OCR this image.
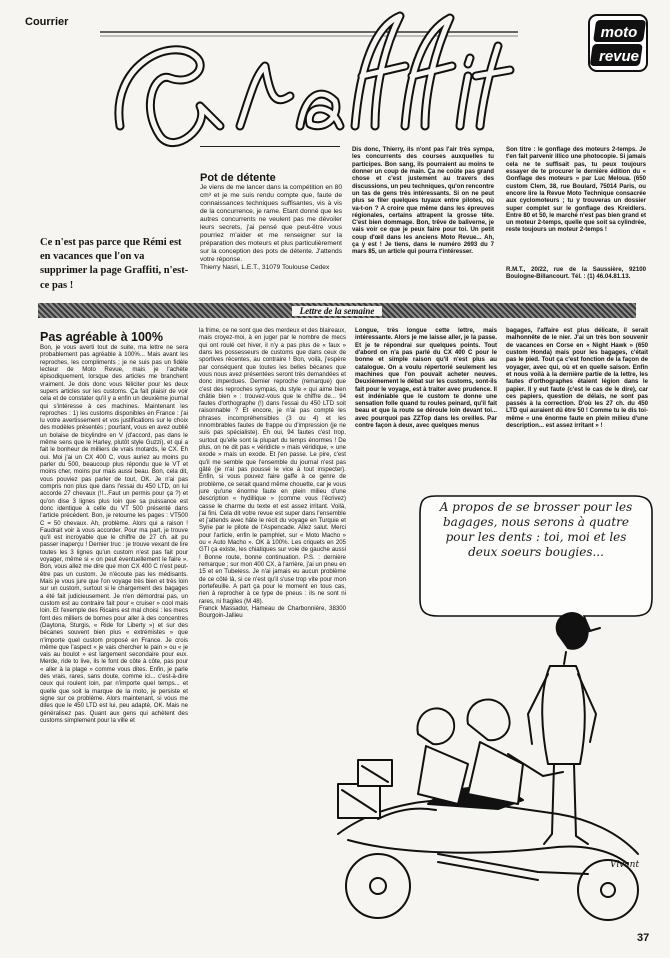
Courrier
moto
revue
Ce n'est pas parce que Rémi est en vacances que l'on va supprimer la page Graffiti, n'est-ce pas !
Pot de détente
Je viens de me lancer dans la compétition en 80 cm³ et je me suis rendu compte que, faute de connaissances techniques suffisantes, vis à vis de la concurrence, je rame. Etant donné que les autres concurrents ne veulent pas me dévoiler leurs secrets, j'ai pensé que peut-être vous pourriez m'aider et me renseigner sur la préparation des moteurs et plus particulièrement sur la conception des pots de détente. J'attends votre réponse.
Thierry Nasri, L.E.T., 31079 Toulouse Cedex
Dis donc, Thierry, ils n'ont pas l'air très sympa, les concurrents des courses auxquelles tu participes. Bon sang, ils pourraient au moins te donner un coup de main. Ça ne coûte pas grand chose et c'est justement au travers des discussions, un peu techniques, qu'on rencontre un tas de gens très intéressants. Si on ne peut plus se filer quelques tuyaux entre pilotes, où va-t-on ? A croire que même dans les épreuves régionales, certains attrapent la grosse tête. C'est bien dommage. Bon, trêve de baliverne, je vais voir ce que je peux faire pour toi. Un petit coup d'œil dans les anciens Moto Revue... Ah, ça y est ! Je tiens, dans le numéro 2693 du 7 mars 85, un article qui pourra t'intéresser.
Son titre : le gonflage des moteurs 2-temps. Je t'en fait parvenir illico une photocopie. Si jamais cela ne te suffisait pas, tu peux toujours essayer de te procurer le dernière édition du « Gonflage des moteurs » par Luc Meloua. (650 custom Clem, 38, rue Boulard, 75014 Paris, ou encore lire la Revue Moto Technique consacrée aux cyclomoteurs ; tu y trouveras un dossier super complet sur le gonflage des Kreidlers. Entre 80 et 50, le marché n'est pas bien grand et un moteur 2-temps, quelle que soit sa cylindrée, reste toujours un moteur 2-temps !
R.M.T., 20/22, rue de la Saussière, 92100 Boulogne-Billancourt. Tél. : (1) 46.04.81.13.
Lettre de la semaine
Pas agréable à 100%
Bon, je vous averti tout de suite, ma lettre ne sera probablement pas agréable à 100%... Mais avant les reproches, les compliments ; je ne suis pas un fidèle lecteur de Moto Revue, mais je l'achète épisodiquement, lorsque des articles me branchent vraiment. Je dois donc vous féliciter pour les deux supers articles sur les customs. Ça fait plaisir de voir cela et de constater qu'il y a enfin un deuxième journal qui s'intéresse à ces machines. Maintenant les reproches : 1) les customs disponibles en France : j'ai lu votre avertissement et vos justifications sur le choix des modèles présentés ; pourtant, vous en avez oublié un bolaise de bicylindre en V (d'accord, pas dans le même sens que le Harley, plutôt style Guzzi), et qui a fait le bonheur de milliers de vrais motards, le CX. Eh oui. Moi j'ai un CX 400 C, vous auriez au moins pu parler du 500, beaucoup plus répondu que le VT et moins cher, moins pur mais aussi beau. Bon, cela dit, vous pouviez pas parler de tout, OK. Je n'ai pas compris non plus que dans l'essai du 450 LTD, on lui accorde 27 chevaux (!!...Faut un permis pour ça ?) et qu'on dise 3 lignes plus loin que sa puissance est donc identique à celle du VT 500 présenté dans l'article précédent. Bon, je retourne les pages : VT500 C = 50 chevaux. Ah, problème. Alors qui a raison ! Faudrait voir à vous accorder. Pour ma part, je trouve qu'il est incroyable que le chiffre de 27 ch. ait pu passer inaperçu ! Dernier truc : je trouve vexant de lire toutes les 3 lignes qu'un custom n'est pas fait pour voyager, même si « on peut éventuellement le faire ». Bon, vous allez me dire que mon CX 400 C n'est peut-être pas un custom. Je n'écoute pas les médisants. Mais je vous jure que l'on voyage très bien et très loin sur un custom, surtout si le chargement des bagages a été fait judicieusement. Je n'en démordrai pas, un custom est au contraire fait pour « cruiser » cool mais loin. Et l'exemple des Ricains est mal choisi : les mecs font des milliers de bornes pour aller à des concentres (Daytona, Sturgis, « Ride for Liberty ») et sur des bécanes souvent bien plus « extrémistes » que n'importe quel custom proposé en France. Je crois même que l'aspect « je vais chercher le pain » ou « je vais au boulot » est largement secondaire pour eux. Merde, ride to live, ils le font de côte à côte, pas pour « aller à la plage » comme vous dites. Enfin, je parle des vrais, rares, sans doute, comme ici... c'est-à-dire ceux qui roulent loin, par n'importe quel temps... et quelle que soit la marque de la moto, je persiste et signe sur ce problème. Alors maintenant, si vous me dites que le 450 LTD est lui, peu adapté, OK. Mais ne généralisez pas. Quant aux gens qui achètent des customs simplement pour la ville et
la frime, ce ne sont que des merdeux et des blaireaux, mais croyez-moi, à en juger par le nombre de mecs qui ont roulé cet hiver, il n'y a pas plus de « faux » dans les possesseurs de customs que dans ceux de sportives récentes, au contraire ! Bon, voilà, j'espère par conséquent que toutes les belles bécanes que vous nous avez présentées seront très demandées et donc imperdues. Dernier reproche (remarque) que c'est des reproches sympas, du style « qui aime bien châtie bien » : trouvez-vous que le chiffre de... 94 fautes d'orthographe (!) dans l'essai du 450 LTD soit raisonnable ? Et encore, je n'ai pas compté les phrases incompréhensibles (3 ou 4) et les innombrables fautes de frappe ou d'impression (je ne suis pas spécialiste). Eh oui, 94 fautes c'est trop, surtout qu'elle sont la plupart du temps énormes ! De plus, on ne dit pas « véridicte » mais véridique, « une exode » mais un exode. Et j'en passe. Le pire, c'est qu'il me semble que l'ensemble du journal n'est pas gâté (je n'ai pas poussé le vice à tout inspecter). Enfin, si vous pouvez faire gaffe à ce genre de problème, ce serait quand même chouette, car je vous jure qu'une énorme faute en plein milieu d'une description « hydillique » (comme vous l'écrivez) casse le charme du texte et est assez irritant. Voilà, j'ai fini. Cela dit votre revue est super dans l'ensemble et j'attends avec hâte le récit du voyage en Turquie et Syrie par le pilote de l'Aspencade. Allez salut. Merci pour l'article, enfin le pamphlet, sur « Moto Macho » ou « Auto Macho ». OK à 100%. Les criquets en 205 GTI ça existe, les chiatiques sur voie de gauche aussi ! Bonne route, bonne continuation. P.S. : dernière remarque ; sur mon 400 CX, à l'arrière, j'ai un pneu en 15 et en Tubeless. Je n'ai jamais eu aucun problème de ce côté là, si ce n'est qu'il s'use trop vite pour mon portefeuille. A part ça pour le moment en tous cas, rien à reprocher à ce type de pneus : ils ne sont ni rares, ni fragiles (M 48).
Franck Massador, Hameau de Charbonnière, 38300 Bourgoin-Jallieu
Longue, très longue cette lettre, mais intéressante. Alors je me laisse aller, je la passe. Et je te répondrai sur quelques points. Tout d'abord on n'a pas parlé du CX 400 C pour le bonne et simple raison qu'il n'est plus au catalogue. On a voulu répertorié seulement les machines que l'on pouvait acheter neuves. Deuxièmement le débat sur les customs, sont-ils fait pour le voyage, est à traiter avec prudence. Il est indéniable que le custom te donne une sensation folle quand tu roules peinard, qu'il fait beau et que la route se déroule loin devant toi... avec pourquoi pas ZZTop dans les oreilles. Par contre façon à deux, avec quelques menus
bagages, l'affaire est plus délicate, il serait malhonnête de le nier. J'ai un très bon souvenir de vacances en Corse en « Night Hawk » (650 custom Honda) mais pour les bagages, c'était pas le pied. Tout ça c'est fonction de la façon de voyager, avec qui, où et en quelle saison. Enfin et nous voilà à la dernière partie de la lettre, les fautes d'orthographes étaient légion dans le papier. Il y eut faute (c'est le cas de le dire), car ces papiers, question de délais, ne sont pas passés à la correction. D'où les 27 ch. du 450 LTD qui auraient dû être 50 ! Comme tu le dis toi-même « une énorme faute en plein milieu d'une description... est assez irritant » !
A propos de se brosser pour les bagages, nous serons à quatre pour les dents : toi, moi et les deux soeurs bougies...
Vivant
37
